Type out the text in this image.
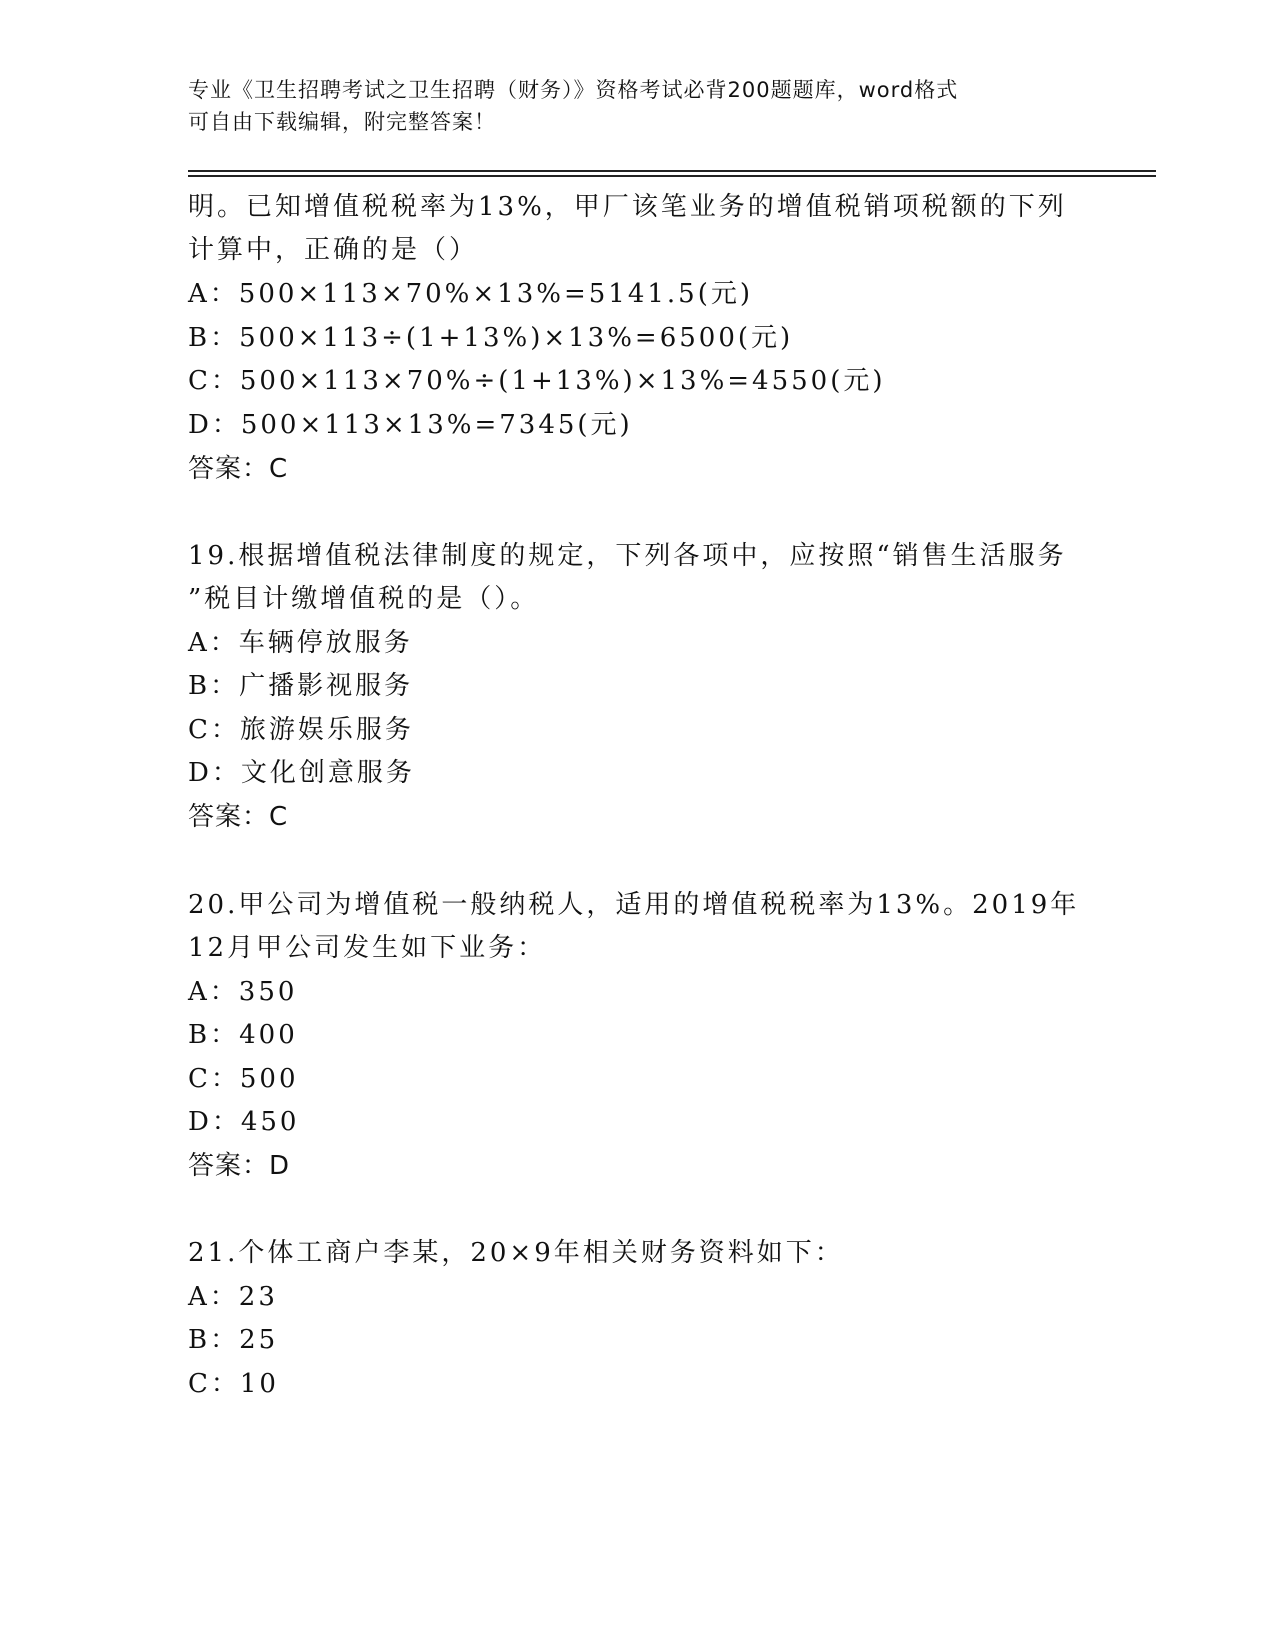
专业《卫生招聘考试之卫生招聘（财务）》资格考试必背200题题库，word格式
可自由下载编辑，附完整答案！
明。已知增值税税率为13%，甲厂该笔业务的增值税销项税额的下列
计算中，正确的是（）
A：500×113×70%×13%=5141.5(元)
B：500×113÷(1+13%)×13%=6500(元)
C：500×113×70%÷(1+13%)×13%=4550(元)
D：500×113×13%=7345(元)
答案：C
19.根据增值税法律制度的规定，下列各项中，应按照“销售生活服务
”税目计缴增值税的是（）。
A：车辆停放服务
B：广播影视服务
C：旅游娱乐服务
D：文化创意服务
答案：C
20.甲公司为增值税一般纳税人，适用的增值税税率为13%。2019年
12月甲公司发生如下业务：
A：350
B：400
C：500
D：450
答案：D
21.个体工商户李某，20×9年相关财务资料如下：
A：23
B：25
C：10
